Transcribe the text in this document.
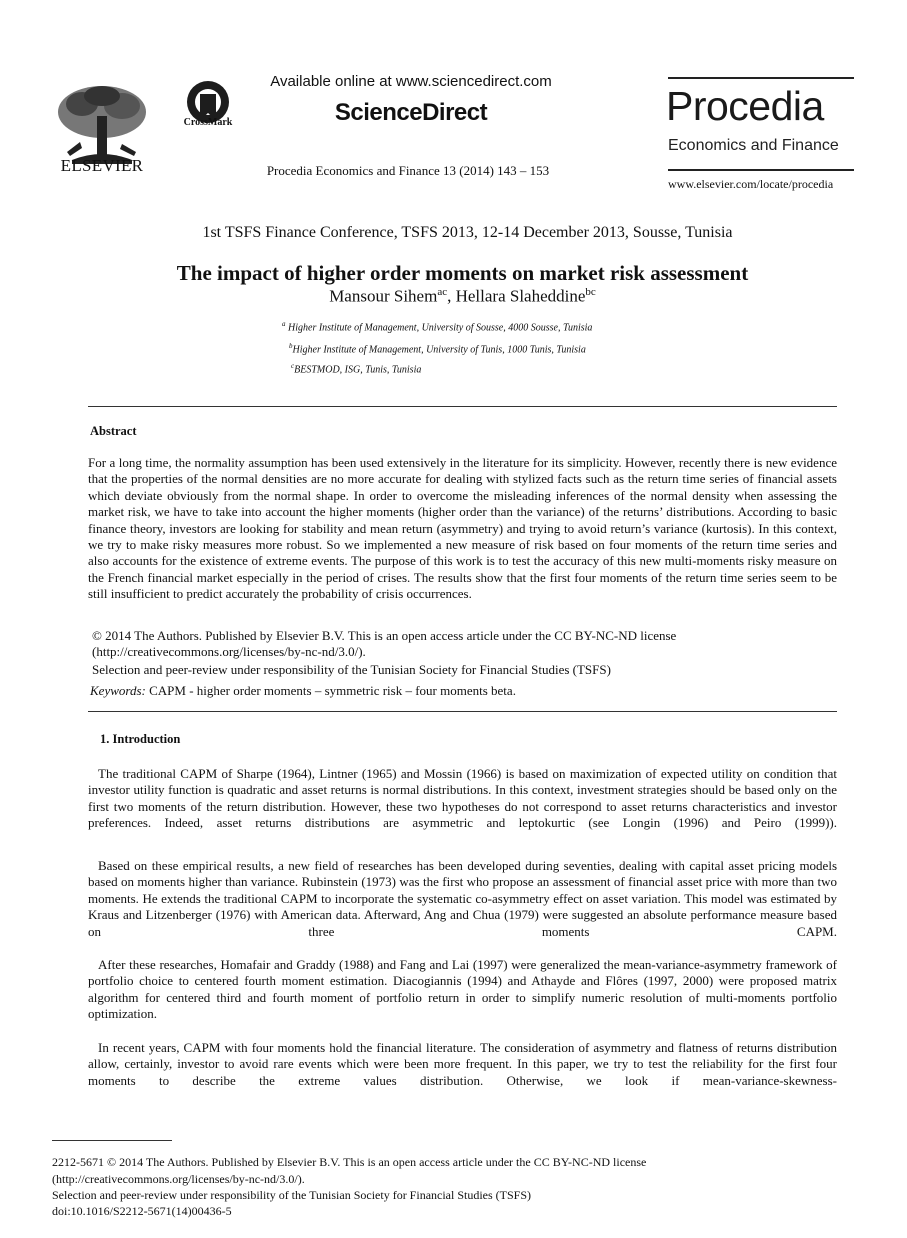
ELSEVIER
CrossMark
Available online at www.sciencedirect.com
ScienceDirect
Procedia Economics and Finance 13 (2014) 143 – 153
Procedia
Economics and Finance
www.elsevier.com/locate/procedia
1st TSFS Finance Conference, TSFS 2013, 12-14 December 2013, Sousse, Tunisia
The impact of higher order moments on market risk assessment
Mansour Sihem$^{ac}$, Hellara Slaheddine$^{bc}$
$^a$ Higher Institute of Management, University of Sousse, 4000 Sousse, Tunisia
$^b$Higher Institute of Management, University of Tunis, 1000 Tunis, Tunisia
$^c$BESTMOD, ISG, Tunis, Tunisia
Abstract
For a long time, the normality assumption has been used extensively in the literature for its simplicity. However, recently there is new evidence that the properties of the normal densities are no more accurate for dealing with stylized facts such as the return time series of financial assets which deviate obviously from the normal shape. In order to overcome the misleading inferences of the normal density when assessing the market risk, we have to take into account the higher moments (higher order than the variance) of the returns’ distributions. According to basic finance theory, investors are looking for stability and mean return (asymmetry) and trying to avoid return’s variance (kurtosis). In this context, we try to make risky measures more robust. So we implemented a new measure of risk based on four moments of the return time series and also accounts for the existence of extreme events. The purpose of this work is to test the accuracy of this new multi-moments risky measure on the French financial market especially in the period of crises. The results show that the first four moments of the return time series seem to be still insufficient to predict accurately the probability of crisis occurrences.
© 2014 The Authors. Published by Elsevier B.V. This is an open access article under the CC BY-NC-ND license
(http://creativecommons.org/licenses/by-nc-nd/3.0/).
Selection and peer-review under responsibility of the Tunisian Society for Financial Studies (TSFS)
Keywords: CAPM - higher order moments – symmetric risk – four moments beta.
1. Introduction
The traditional CAPM of Sharpe (1964), Lintner (1965) and Mossin (1966) is based on maximization of expected utility on condition that investor utility function is quadratic and asset returns is normal distributions. In this context, investment strategies should be based only on the first two moments of the return distribution. However, these two hypotheses do not correspond to asset returns characteristics and investor preferences. Indeed, asset returns distributions are asymmetric and leptokurtic (see Longin (1996) and Peiro (1999)).
Based on these empirical results, a new field of researches has been developed during seventies, dealing with capital asset pricing models based on moments higher than variance. Rubinstein (1973) was the first who propose an assessment of financial asset price with more than two moments. He extends the traditional CAPM to incorporate the systematic co-asymmetry effect on asset variation. This model was estimated by Kraus and Litzenberger (1976) with American data. Afterward, Ang and Chua (1979) were suggested an absolute performance measure based on three moments CAPM.
After these researches, Homafair and Graddy (1988) and Fang and Lai (1997) were generalized the mean-variance-asymmetry framework of portfolio choice to centered fourth moment estimation. Diacogiannis (1994) and Athayde and Flôres (1997, 2000) were proposed matrix algorithm for centered third and fourth moment of portfolio return in order to simplify numeric resolution of multi-moments portfolio optimization.
In recent years, CAPM with four moments hold the financial literature. The consideration of asymmetry and flatness of returns distribution allow, certainly, investor to avoid rare events which were been more frequent. In this paper, we try to test the reliability for the first four moments to describe the extreme values distribution. Otherwise, we look if mean-variance-skewness-
2212-5671 © 2014 The Authors. Published by Elsevier B.V. This is an open access article under the CC BY-NC-ND license
(http://creativecommons.org/licenses/by-nc-nd/3.0/).
Selection and peer-review under responsibility of the Tunisian Society for Financial Studies (TSFS)
doi:10.1016/S2212-5671(14)00436-5
